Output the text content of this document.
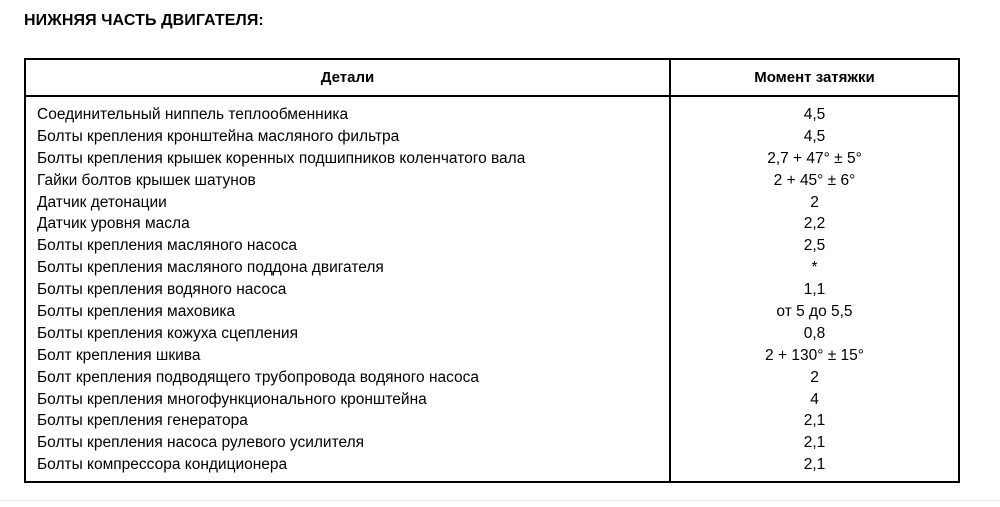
НИЖНЯЯ ЧАСТЬ ДВИГАТЕЛЯ:
Детали	Момент затяжки
Соединительный ниппель теплообменника	4,5
Болты крепления кронштейна масляного фильтра	4,5
Болты крепления крышек коренных подшипников коленчатого вала	2,7 + 47° ± 5°
Гайки болтов крышек шатунов	2 + 45° ± 6°
Датчик детонации	2
Датчик уровня масла	2,2
Болты крепления масляного насоса	2,5
Болты крепления масляного поддона двигателя	*
Болты крепления водяного насоса	1,1
Болты крепления маховика	от 5 до 5,5
Болты крепления кожуха сцепления	0,8
Болт крепления шкива	2 + 130° ± 15°
Болт крепления подводящего трубопровода водяного насоса	2
Болты крепления многофункционального кронштейна	4
Болты крепления генератора	2,1
Болты крепления насоса рулевого усилителя	2,1
Болты компрессора кондиционера	2,1
